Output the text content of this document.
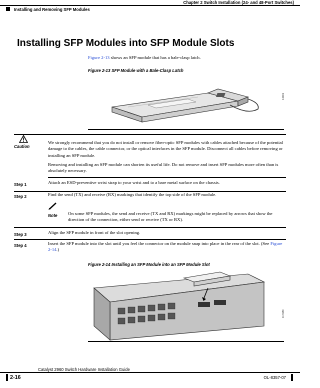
Chapter 2 Switch Installation (24- and 48-Port Switches)
Installing and Removing SFP Modules
Installing SFP Modules into SFP Module Slots
Figure 2-13 shows an SFP module that has a bale-clasp latch.
Figure 2-13 SFP Module with a Bale-Clasp Latch
14001
Caution
We strongly recommend that you do not install or remove fiber-optic SFP modules with cables attached because of the potential damage to the cables, the cable connector, or the optical interfaces in the SFP module. Disconnect all cables before removing or installing an SFP module.
Removing and installing an SFP module can shorten its useful life. Do not remove and insert SFP modules more often than is absolutely necessary.
Step 1	Attach an ESD-preventive wrist strap to your wrist and to a bare metal surface on the chassis.
Step 2	Find the send (TX) and receive (RX) markings that identify the top side of the SFP module.
Note On some SFP modules, the send and receive (TX and RX) markings might be replaced by arrows that show the direction of the connection, either send or receive (TX or RX).
Step 3	Align the SFP module in front of the slot opening.
Step 4	Insert the SFP module into the slot until you feel the connector on the module snap into place in the rear of the slot. (See Figure 2-14.)
Figure 2-14 Installing an SFP Module into an SFP Module Slot
117080
Catalyst 2960 Switch Hardware Installation Guide
2-16	OL-8357-07
